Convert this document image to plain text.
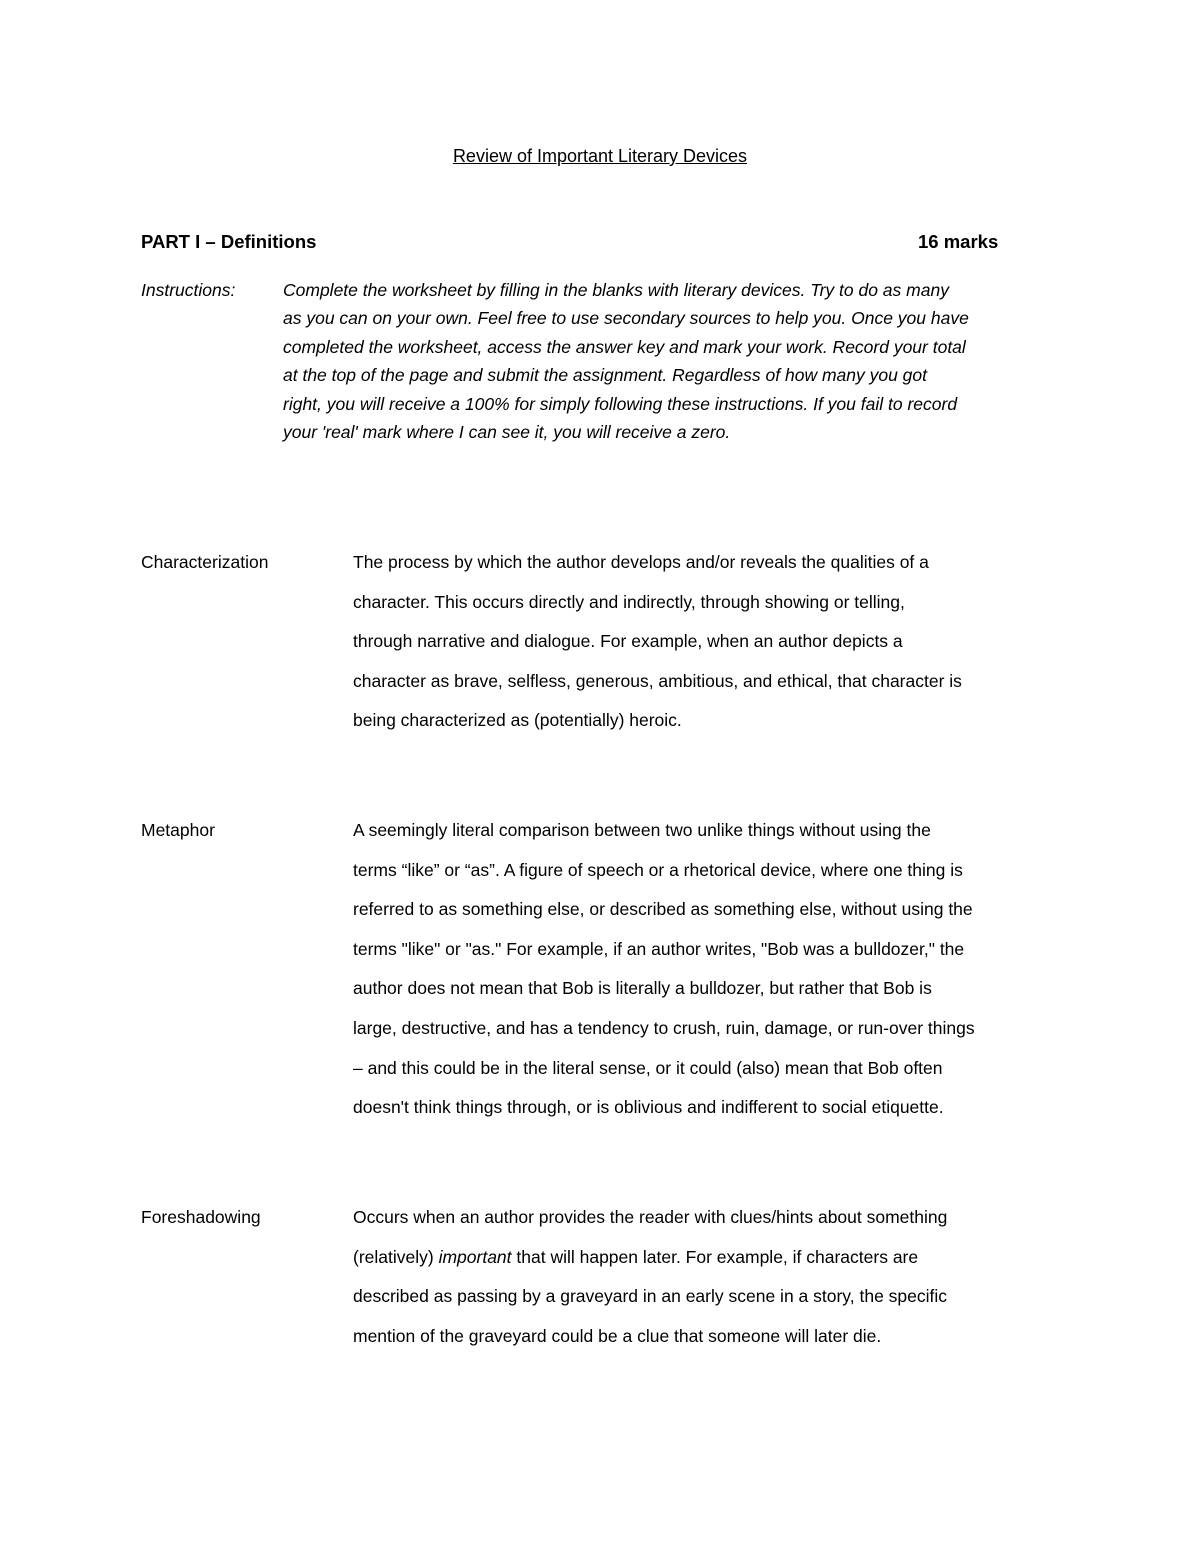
Review of Important Literary Devices
PART I – Definitions	16 marks
Instructions:	Complete the worksheet by filling in the blanks with literary devices. Try to do as many
as you can on your own. Feel free to use secondary sources to help you. Once you have
completed the worksheet, access the answer key and mark your work. Record your total
at the top of the page and submit the assignment. Regardless of how many you got
right, you will receive a 100% for simply following these instructions. If you fail to record
your 'real' mark where I can see it, you will receive a zero.
Characterization	The process by which the author develops and/or reveals the qualities of a
character. This occurs directly and indirectly, through showing or telling,
through narrative and dialogue. For example, when an author depicts a
character as brave, selfless, generous, ambitious, and ethical, that character is
being characterized as (potentially) heroic.
Metaphor	A seemingly literal comparison between two unlike things without using the
terms “like” or “as”. A figure of speech or a rhetorical device, where one thing is
referred to as something else, or described as something else, without using the
terms "like" or "as." For example, if an author writes, "Bob was a bulldozer," the
author does not mean that Bob is literally a bulldozer, but rather that Bob is
large, destructive, and has a tendency to crush, ruin, damage, or run-over things
– and this could be in the literal sense, or it could (also) mean that Bob often
doesn't think things through, or is oblivious and indifferent to social etiquette.
Foreshadowing	Occurs when an author provides the reader with clues/hints about something
(relatively) important that will happen later. For example, if characters are
described as passing by a graveyard in an early scene in a story, the specific
mention of the graveyard could be a clue that someone will later die.
